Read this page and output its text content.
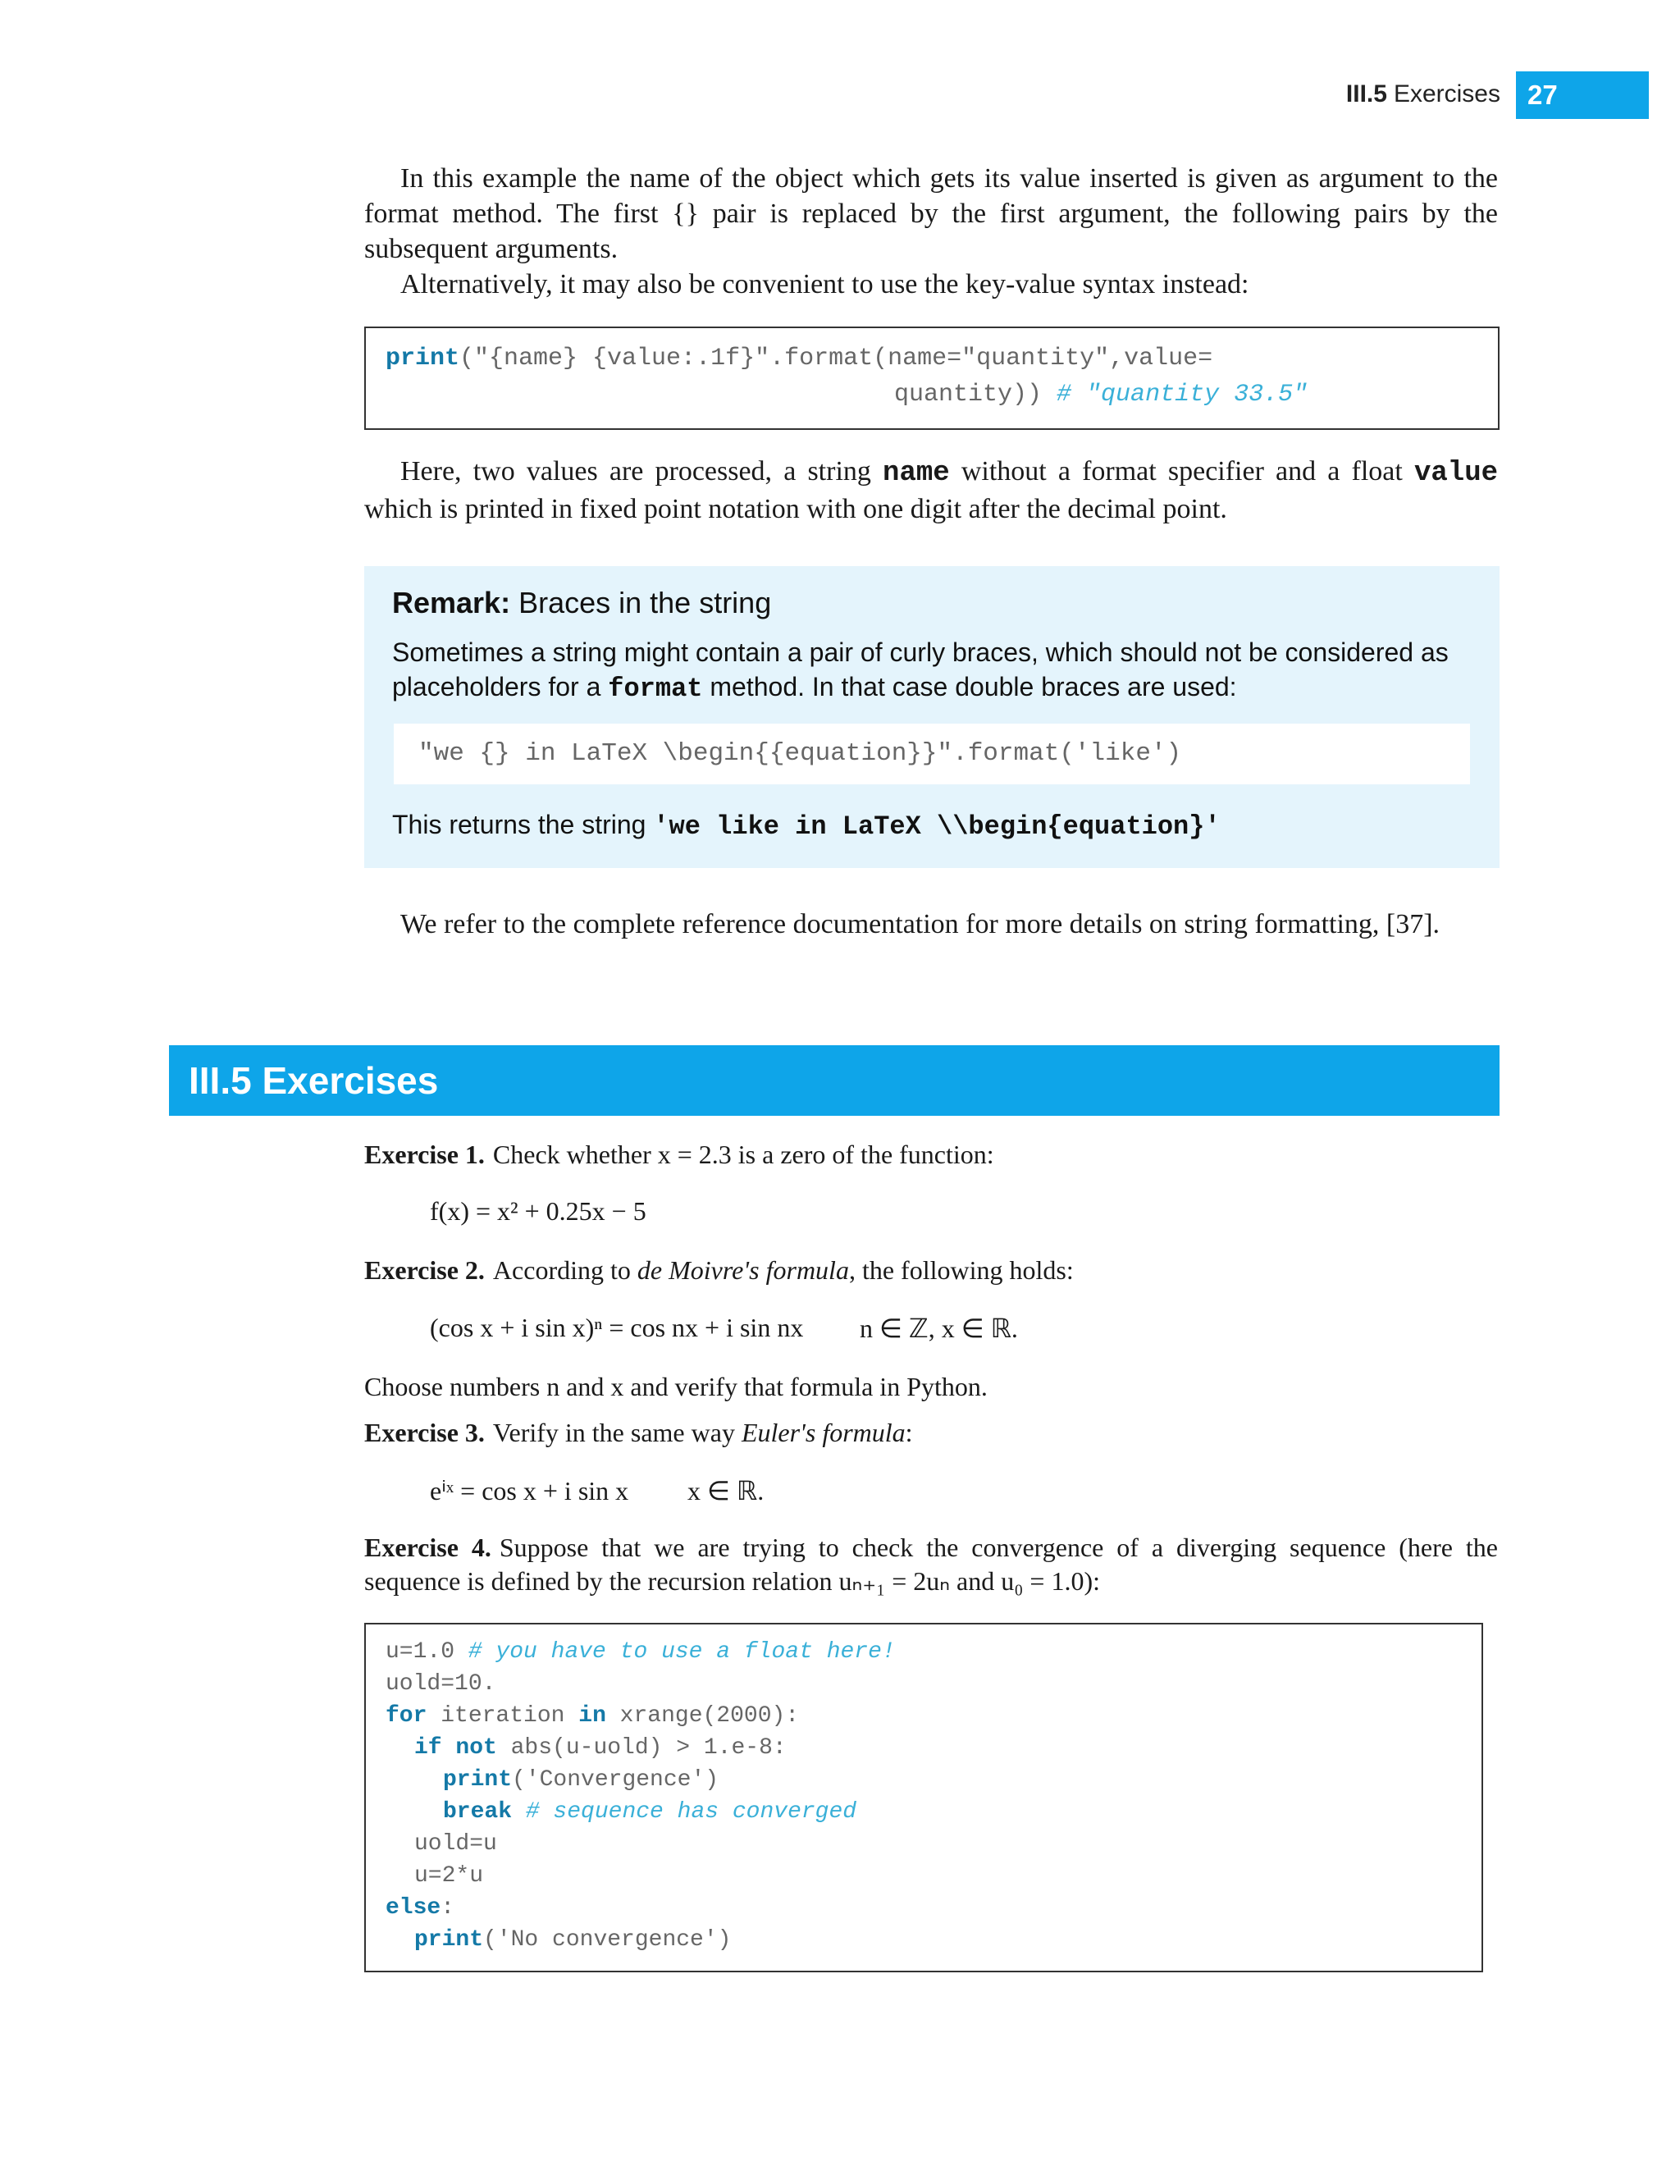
III.5 Exercises	27
In this example the name of the object which gets its value inserted is given as argument to the format method. The first {} pair is replaced by the first argument, the following pairs by the subsequent arguments.
Alternatively, it may also be convenient to use the key-value syntax instead:
print("{name} {value:.1f}".format(name="quantity",value=
quantity)) # "quantity 33.5"
Here, two values are processed, a string name without a format specifier and a float value which is printed in fixed point notation with one digit after the decimal point.
Remark: Braces in the string
Sometimes a string might contain a pair of curly braces, which should not be considered as placeholders for a format method. In that case double braces are used:
"we {} in LaTeX \begin{{equation}}".format('like')
This returns the string 'we like in LaTeX \\begin{equation}'
We refer to the complete reference documentation for more details on string formatting, [37].
III.5 Exercises
Exercise 1. Check whether x = 2.3 is a zero of the function:
f(x) = x² + 0.25x − 5
Exercise 2. According to de Moivre's formula, the following holds:
(cos x + i sin x)ⁿ = cos nx + i sin nx n ∈ ℤ, x ∈ ℝ.
Choose numbers n and x and verify that formula in Python.
Exercise 3. Verify in the same way Euler's formula:
eⁱˣ = cos x + i sin x x ∈ ℝ.
Exercise 4. Suppose that we are trying to check the convergence of a diverging sequence (here the sequence is defined by the recursion relation uₙ₊₁ = 2uₙ and u₀ = 1.0):
u=1.0 # you have to use a float here!
uold=10.
for iteration in xrange(2000):
if not abs(u-uold) > 1.e-8:
print('Convergence')
break # sequence has converged
uold=u
u=2*u
else:
print('No convergence')
